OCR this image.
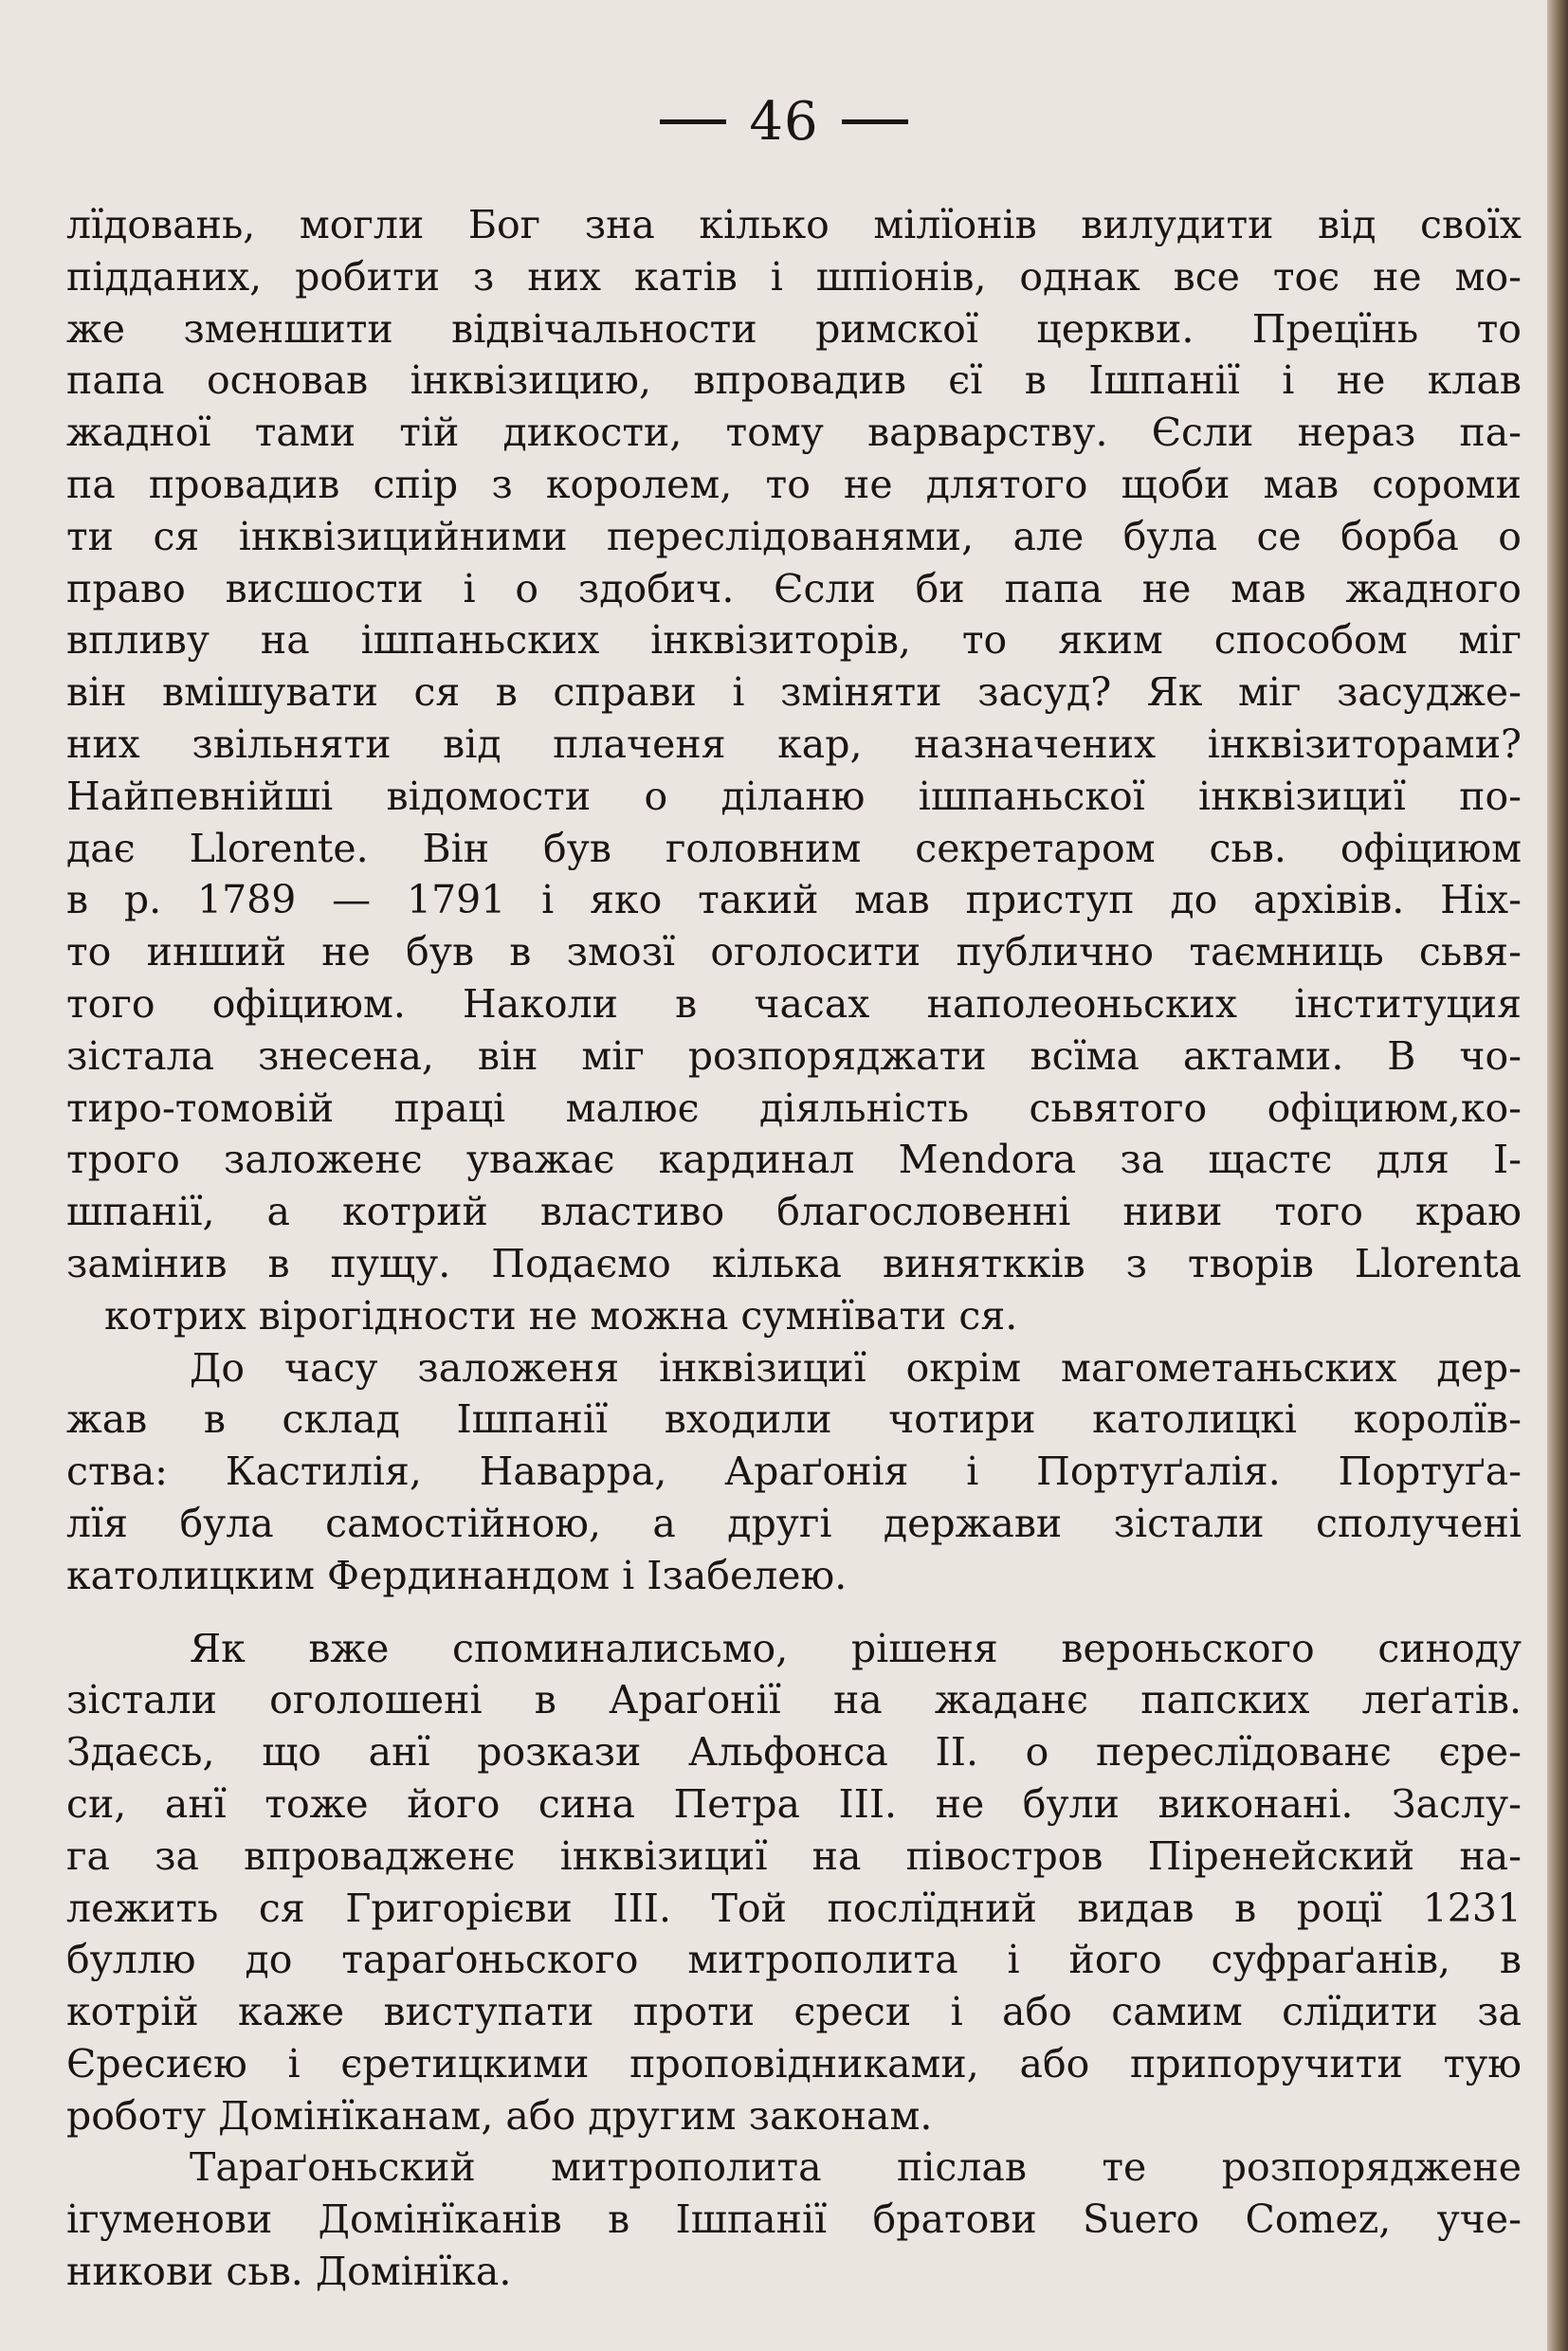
46
лїдовань, могли Бог зна кілько мілїонів вилудити від своїх
підданих, робити з них катів і шпіонів, однак все тоє не мо-
же зменшити відвічальности римскої церкви. Прецїнь то
папа основав інквізицию, впровадив єї в Ішпанії і не клав
жадної тами тій дикости, тому варварству. Єсли нераз па-
па провадив спір з королем, то не длятого щоби мав сороми
ти ся інквізицийними переслідованями, але була се борба о
право висшости і о здобич. Єсли би папа не мав жадного
впливу на ішпаньских інквізиторів, то яким способом міг
він вмішувати ся в справи і зміняти засуд? Як міг засудже-
них звільняти від плаченя кар, назначених інквізиторами?
Найпевнійші відомости о діланю ішпаньскої інквізициї по-
дає Llorente. Він був головним секретаром сьв. офіциюм
в р. 1789 — 1791 і яко такий мав приступ до архівів. Ніх-
то инший не був в змозї оголосити публично таємниць сьвя-
того офіциюм. Наколи в часах наполеоньских інституция
зістала знесена, він міг розпоряджати всїма актами. В чо-
тиро-томовій праці малює діяльність сьвятого офіциюм,ко-
трого заложенє уважає кардинал Mendora за щастє для І-
шпанії, а котрий властиво благословенні ниви того краю
замінив в пущу. Подаємо кілька виняткків з творів Llorenta
котрих вірогідности не можна сумнївати ся.
До часу заложеня інквізициї окрім магометаньских дер-
жав в склад Ішпанії входили чотири католицкі королїв-
ства: Кастилія, Наварра, Араґонія і Портуґалія. Портуґа-
лїя була самостійною, а другі держави зістали сполучені
католицким Фердинандом і Ізабелею.
Як вже споминалисьмо, рішеня вероньского синоду
зістали оголошені в Араґонії на жаданє папских леґатів.
Здаєсь, що анї розкази Альфонса II. о переслїдованє єре-
си, анї тоже його сина Петра III. не були виконані. Заслу-
га за впровадженє інквізициї на півостров Піренейский на-
лежить ся Григорієви III. Той послїдний видав в роцї 1231
буллю до тараґоньского митрополита і його суфраґанів, в
котрій каже виступати проти єреси і або самим слїдити за
Єресиєю і єретицкими проповідниками, або припоручити тую
роботу Домінїканам, або другим законам.
Тараґоньский митрополита післав те розпоряджене
ігуменови Домінїканів в Ішпанії братови Suero Comez, уче-
никови сьв. Домінїка.
